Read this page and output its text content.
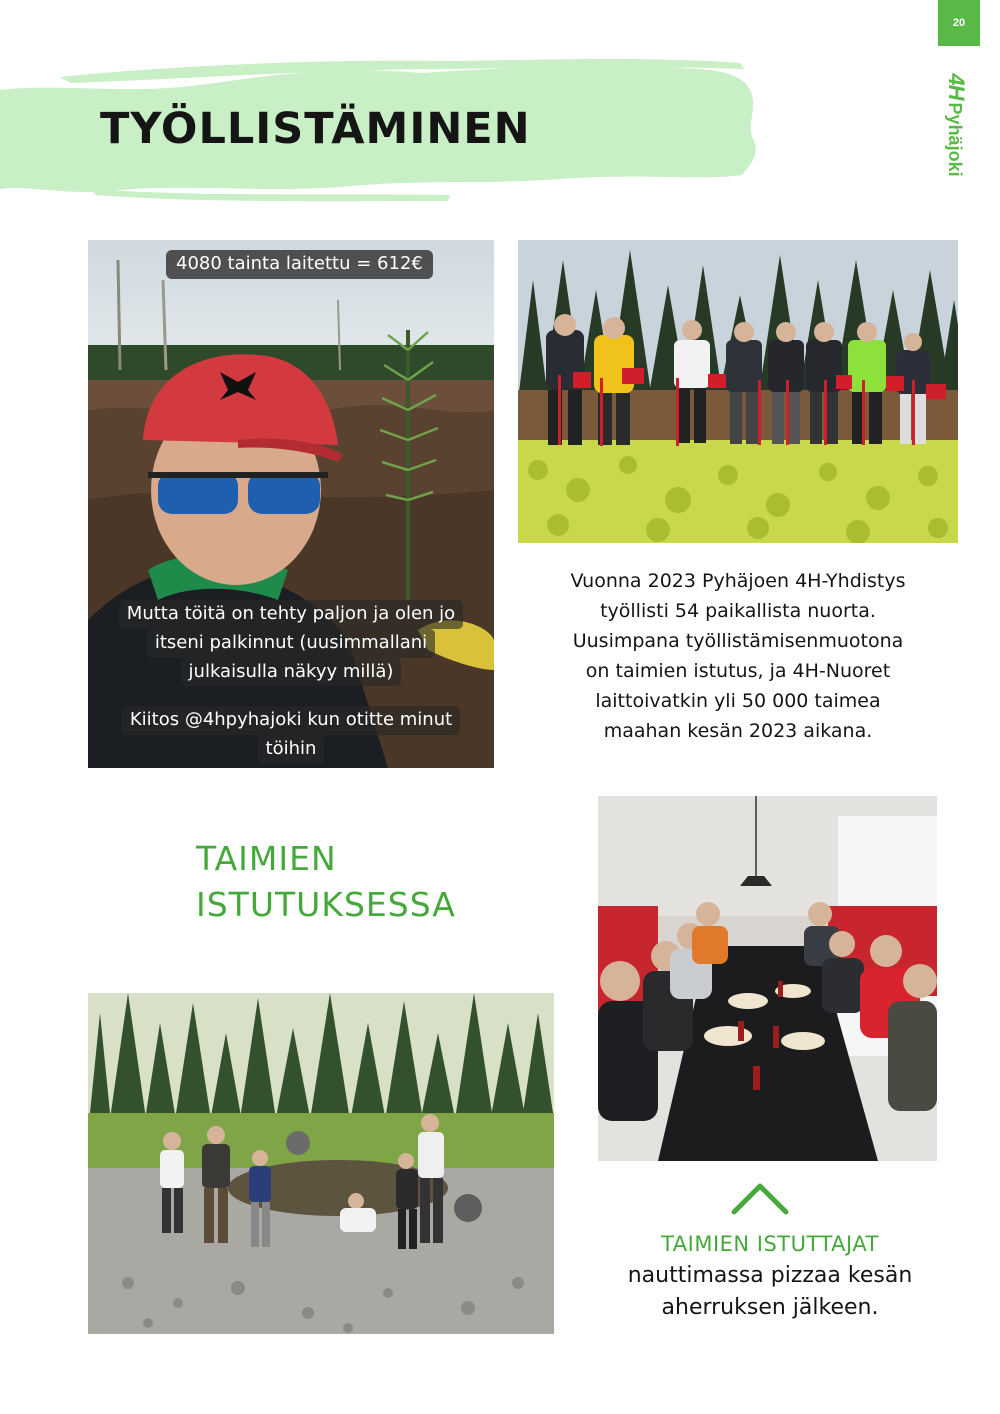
20
4HPyhäjoki
TYÖLLISTÄMINEN
4080 tainta laitettu = 612€
Mutta töitä on tehty paljon ja olen jo
itseni palkinnut (uusimmallani
julkaisulla näkyy millä)
Kiitos @4hpyhajoki kun otitte minut
töihin
Vuonna 2023 Pyhäjoen 4H-Yhdistys
työllisti 54 paikallista nuorta.
Uusimpana työllistämisenmuotona
on taimien istutus, ja 4H-Nuoret
laittoivatkin yli 50 000 taimea
maahan kesän 2023 aikana.
TAIMIEN
ISTUTUKSESSA
TAIMIEN ISTUTTAJAT
nauttimassa pizzaa kesän
aherruksen jälkeen.
